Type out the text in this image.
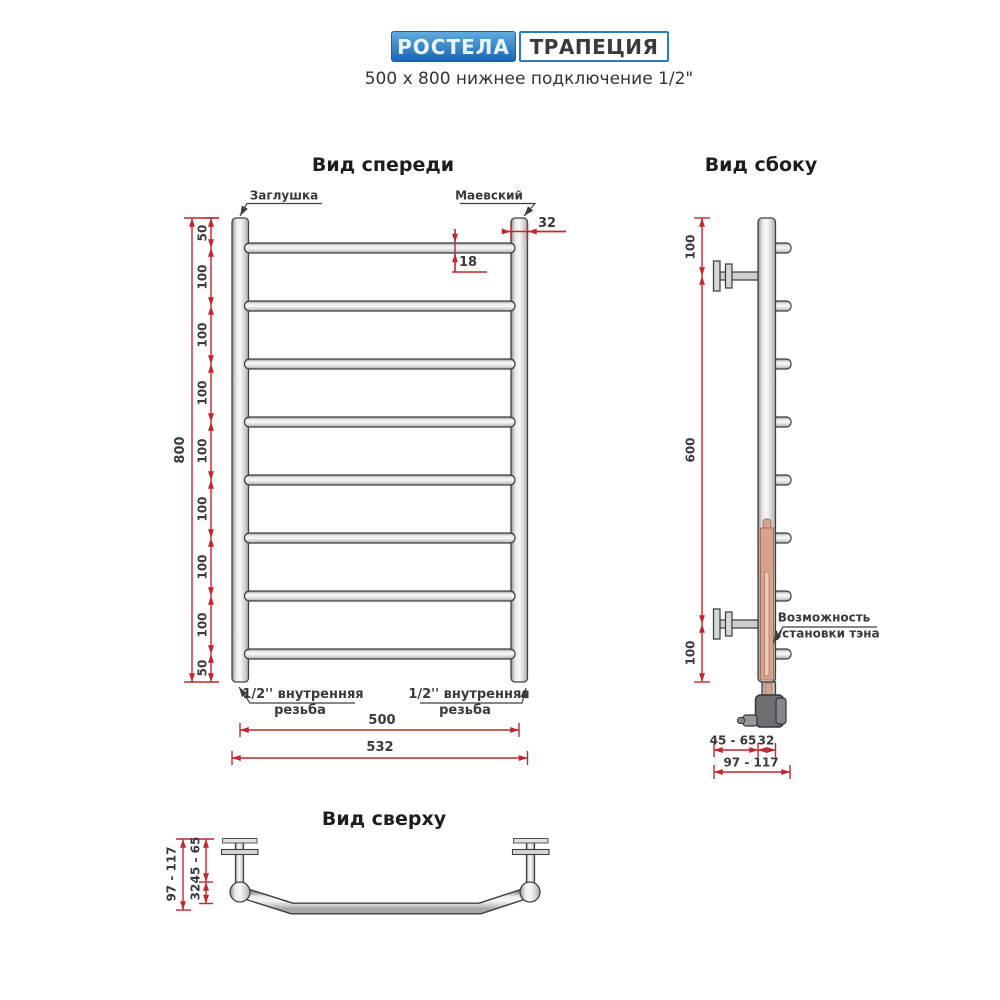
РОСТЕЛА ТРАПЕЦИЯ
500 x 800 нижнее подключение 1/2"
Вид спереди
Заглушка	Маевский
32
18
800
50
100
100
100
100
100
100
100
50
1/2'' внутренняя
резьба
1/2'' внутренняя
резьба
500
532
Вид сбоку
100
600
100
Возможность
установки тэна
45 - 65 32
97 - 117
Вид сверху
97 - 117 45 - 65
32
